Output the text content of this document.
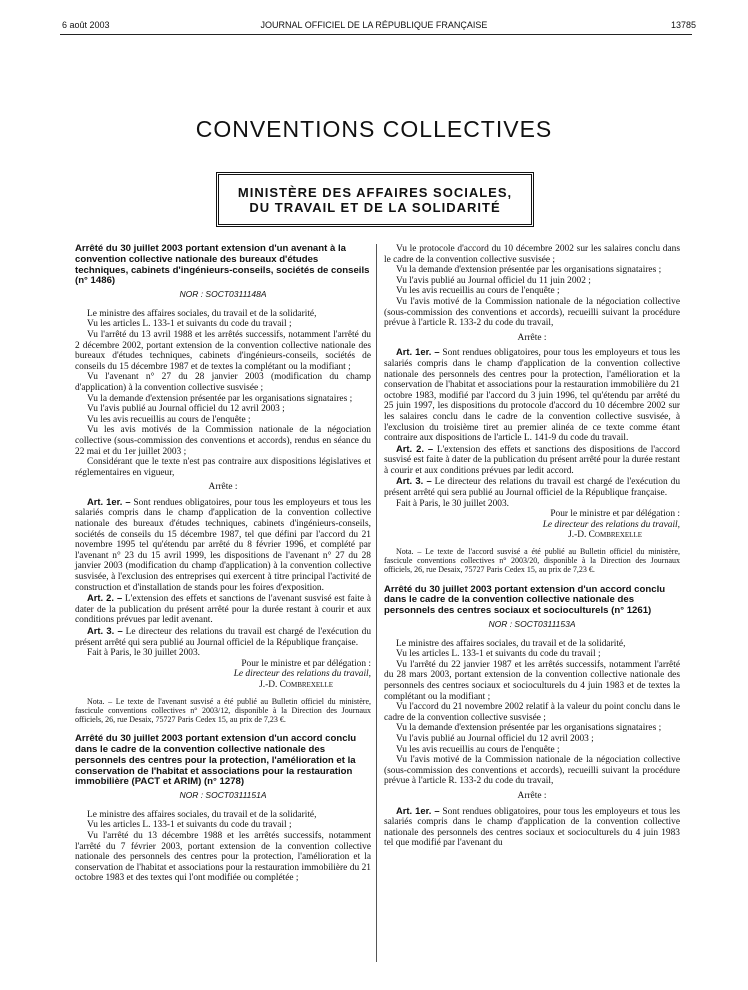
6 août 2003	JOURNAL OFFICIEL DE LA RÉPUBLIQUE FRANÇAISE	13785
CONVENTIONS COLLECTIVES
MINISTÈRE DES AFFAIRES SOCIALES,
DU TRAVAIL ET DE LA SOLIDARITÉ
Arrêté du 30 juillet 2003 portant extension d'un avenant à la convention collective nationale des bureaux d'études techniques, cabinets d'ingénieurs-conseils, sociétés de conseils (n° 1486)
NOR : SOCT0311148A

Le ministre des affaires sociales, du travail et de la solidarité,

Vu les articles L. 133-1 et suivants du code du travail ;

Vu l'arrêté du 13 avril 1988 et les arrêtés successifs, notamment l'arrêté du 2 décembre 2002, portant extension de la convention collective nationale des bureaux d'études techniques, cabinets d'ingénieurs-conseils, sociétés de conseils du 15 décembre 1987 et de textes la complétant ou la modifiant ;

Vu l'avenant n° 27 du 28 janvier 2003 (modification du champ d'application) à la convention collective susvisée ;

Vu la demande d'extension présentée par les organisations signataires ;

Vu l'avis publié au Journal officiel du 12 avril 2003 ;

Vu les avis recueillis au cours de l'enquête ;

Vu les avis motivés de la Commission nationale de la négociation collective (sous-commission des conventions et accords), rendus en séance du 22 mai et du 1er juillet 2003 ;

Considérant que le texte n'est pas contraire aux dispositions législatives et réglementaires en vigueur,

Arrête :

Art. 1er. – Sont rendues obligatoires, pour tous les employeurs et tous les salariés compris dans le champ d'application de la convention collective nationale des bureaux d'études techniques, cabinets d'ingénieurs-conseils, sociétés de conseils du 15 décembre 1987, tel que défini par l'accord du 21 novembre 1995 tel qu'étendu par arrêté du 8 février 1996, et complété par l'avenant n° 23 du 15 avril 1999, les dispositions de l'avenant n° 27 du 28 janvier 2003 (modification du champ d'application) à la convention collective susvisée, à l'exclusion des entreprises qui exercent à titre principal l'activité de construction et d'installation de stands pour les foires d'exposition.

Art. 2. – L'extension des effets et sanctions de l'avenant susvisé est faite à dater de la publication du présent arrêté pour la durée restant à courir et aux conditions prévues par ledit avenant.

Art. 3. – Le directeur des relations du travail est chargé de l'exécution du présent arrêté qui sera publié au Journal officiel de la République française.

Fait à Paris, le 30 juillet 2003.

Pour le ministre et par délégation :

Le directeur des relations du travail,

J.-D. Combrexelle

Nota. – Le texte de l'avenant susvisé a été publié au Bulletin officiel du ministère, fascicule conventions collectives n° 2003/12, disponible à la Direction des Journaux officiels, 26, rue Desaix, 75727 Paris Cedex 15, au prix de 7,23 €.

Arrêté du 30 juillet 2003 portant extension d'un accord conclu dans le cadre de la convention collective nationale des personnels des centres pour la protection, l'amélioration et la conservation de l'habitat et associations pour la restauration immobilière (PACT et ARIM) (n° 1278)
NOR : SOCT0311151A

Le ministre des affaires sociales, du travail et de la solidarité,

Vu les articles L. 133-1 et suivants du code du travail ;

Vu l'arrêté du 13 décembre 1988 et les arrêtés successifs, notamment l'arrêté du 7 février 2003, portant extension de la convention collective nationale des personnels des centres pour la protection, l'amélioration et la conservation de l'habitat et associations pour la restauration immobilière du 21 octobre 1983 et des textes qui l'ont modifiée ou complétée ;

Vu le protocole d'accord du 10 décembre 2002 sur les salaires conclu dans le cadre de la convention collective susvisée ;

Vu la demande d'extension présentée par les organisations signataires ;

Vu l'avis publié au Journal officiel du 11 juin 2002 ;

Vu les avis recueillis au cours de l'enquête ;

Vu l'avis motivé de la Commission nationale de la négociation collective (sous-commission des conventions et accords), recueilli suivant la procédure prévue à l'article R. 133-2 du code du travail,

Arrête :

Art. 1er. – Sont rendues obligatoires, pour tous les employeurs et tous les salariés compris dans le champ d'application de la convention collective nationale des personnels des centres pour la protection, l'amélioration et la conservation de l'habitat et associations pour la restauration immobilière du 21 octobre 1983, modifié par l'accord du 3 juin 1996, tel qu'étendu par arrêté du 25 juin 1997, les dispositions du protocole d'accord du 10 décembre 2002 sur les salaires conclu dans le cadre de la convention collective susvisée, à l'exclusion du troisième tiret au premier alinéa de ce texte comme étant contraire aux dispositions de l'article L. 141-9 du code du travail.

Art. 2. – L'extension des effets et sanctions des dispositions de l'accord susvisé est faite à dater de la publication du présent arrêté pour la durée restant à courir et aux conditions prévues par ledit accord.

Art. 3. – Le directeur des relations du travail est chargé de l'exécution du présent arrêté qui sera publié au Journal officiel de la République française.

Fait à Paris, le 30 juillet 2003.

Pour le ministre et par délégation :

Le directeur des relations du travail,

J.-D. Combrexelle

Nota. – Le texte de l'accord susvisé a été publié au Bulletin officiel du ministère, fascicule conventions collectives n° 2003/20, disponible à la Direction des Journaux officiels, 26, rue Desaix, 75727 Paris Cedex 15, au prix de 7,23 €.

Arrêté du 30 juillet 2003 portant extension d'un accord conclu dans le cadre de la convention collective nationale des personnels des centres sociaux et socioculturels (n° 1261)
NOR : SOCT0311153A

Le ministre des affaires sociales, du travail et de la solidarité,

Vu les articles L. 133-1 et suivants du code du travail ;

Vu l'arrêté du 22 janvier 1987 et les arrêtés successifs, notamment l'arrêté du 28 mars 2003, portant extension de la convention collective nationale des personnels des centres sociaux et socioculturels du 4 juin 1983 et de textes la complétant ou la modifiant ;

Vu l'accord du 21 novembre 2002 relatif à la valeur du point conclu dans le cadre de la convention collective susvisée ;

Vu la demande d'extension présentée par les organisations signataires ;

Vu l'avis publié au Journal officiel du 12 avril 2003 ;

Vu les avis recueillis au cours de l'enquête ;

Vu l'avis motivé de la Commission nationale de la négociation collective (sous-commission des conventions et accords), recueilli suivant la procédure prévue à l'article R. 133-2 du code du travail,

Arrête :

Art. 1er. – Sont rendues obligatoires, pour tous les employeurs et tous les salariés compris dans le champ d'application de la convention collective nationale des personnels des centres sociaux et socioculturels du 4 juin 1983 tel que modifié par l'avenant du
